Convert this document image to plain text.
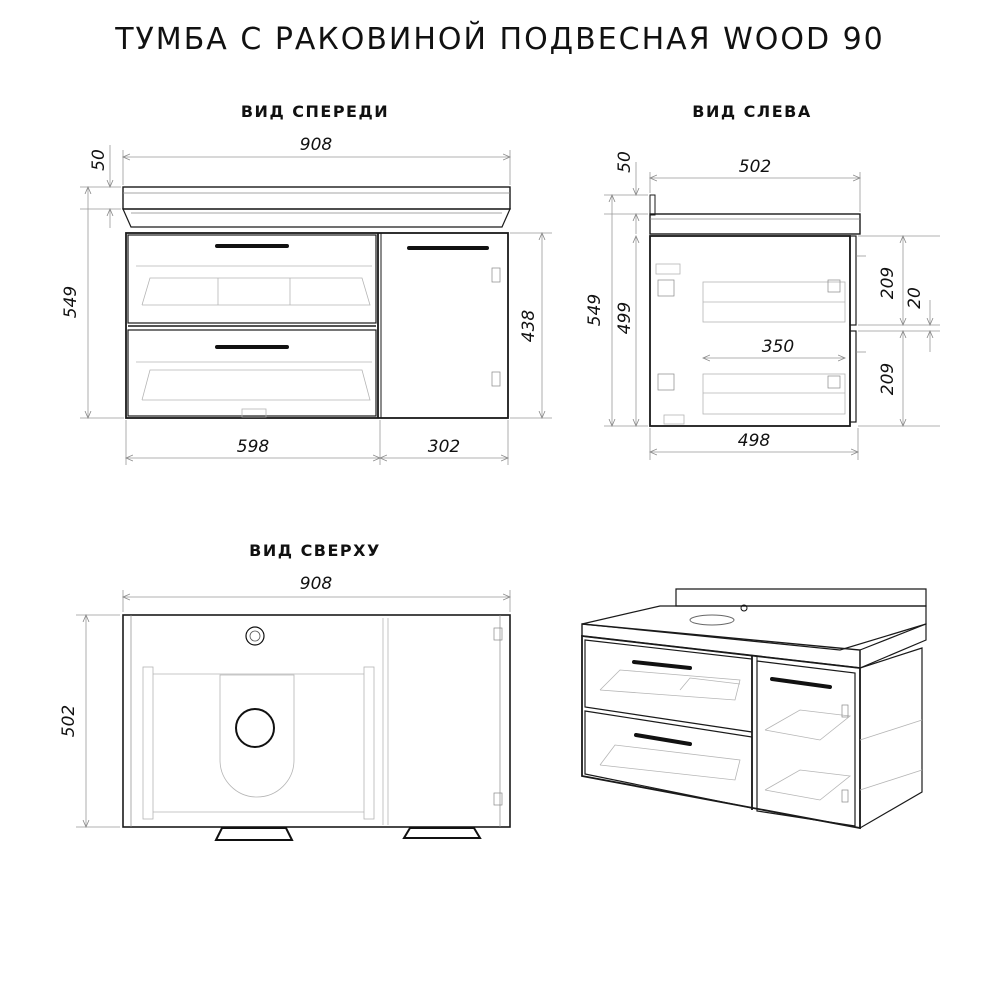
ТУМБА С РАКОВИНОЙ ПОДВЕСНАЯ WOOD 90
ВИД СПЕРЕДИ	ВИД СЛЕВА
ВИД СВЕРХУ
908
50
549
438
598	302
502
50
549 499
209 20
209
350
498
908
502
